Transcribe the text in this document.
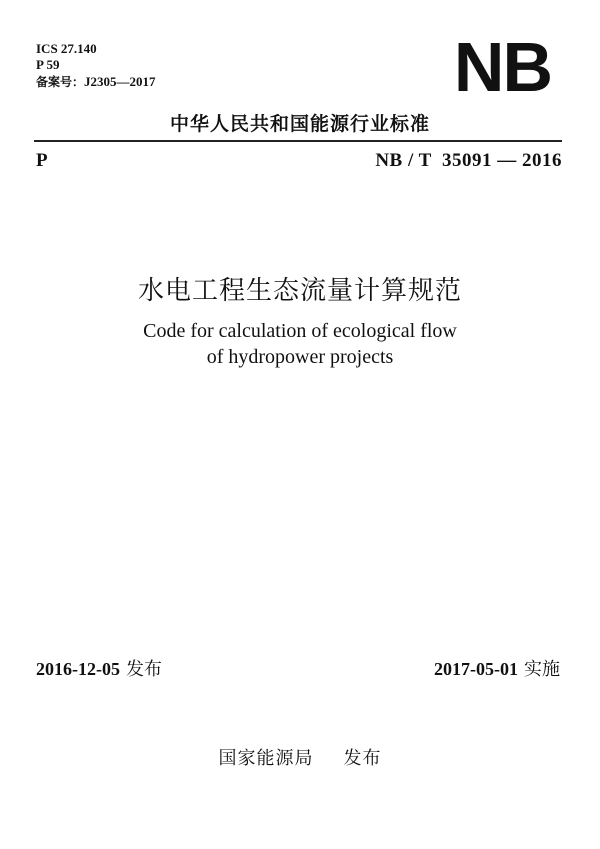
ICS 27.140
P 59
备案号：J2305—2017	NB
中华人民共和国能源行业标准
P	NB / T  35091 — 2016
水电工程生态流量计算规范
Code for calculation of ecological flow
of hydropower projects
2016-12-05 发布	2017-05-01 实施
国家能源局 发布
